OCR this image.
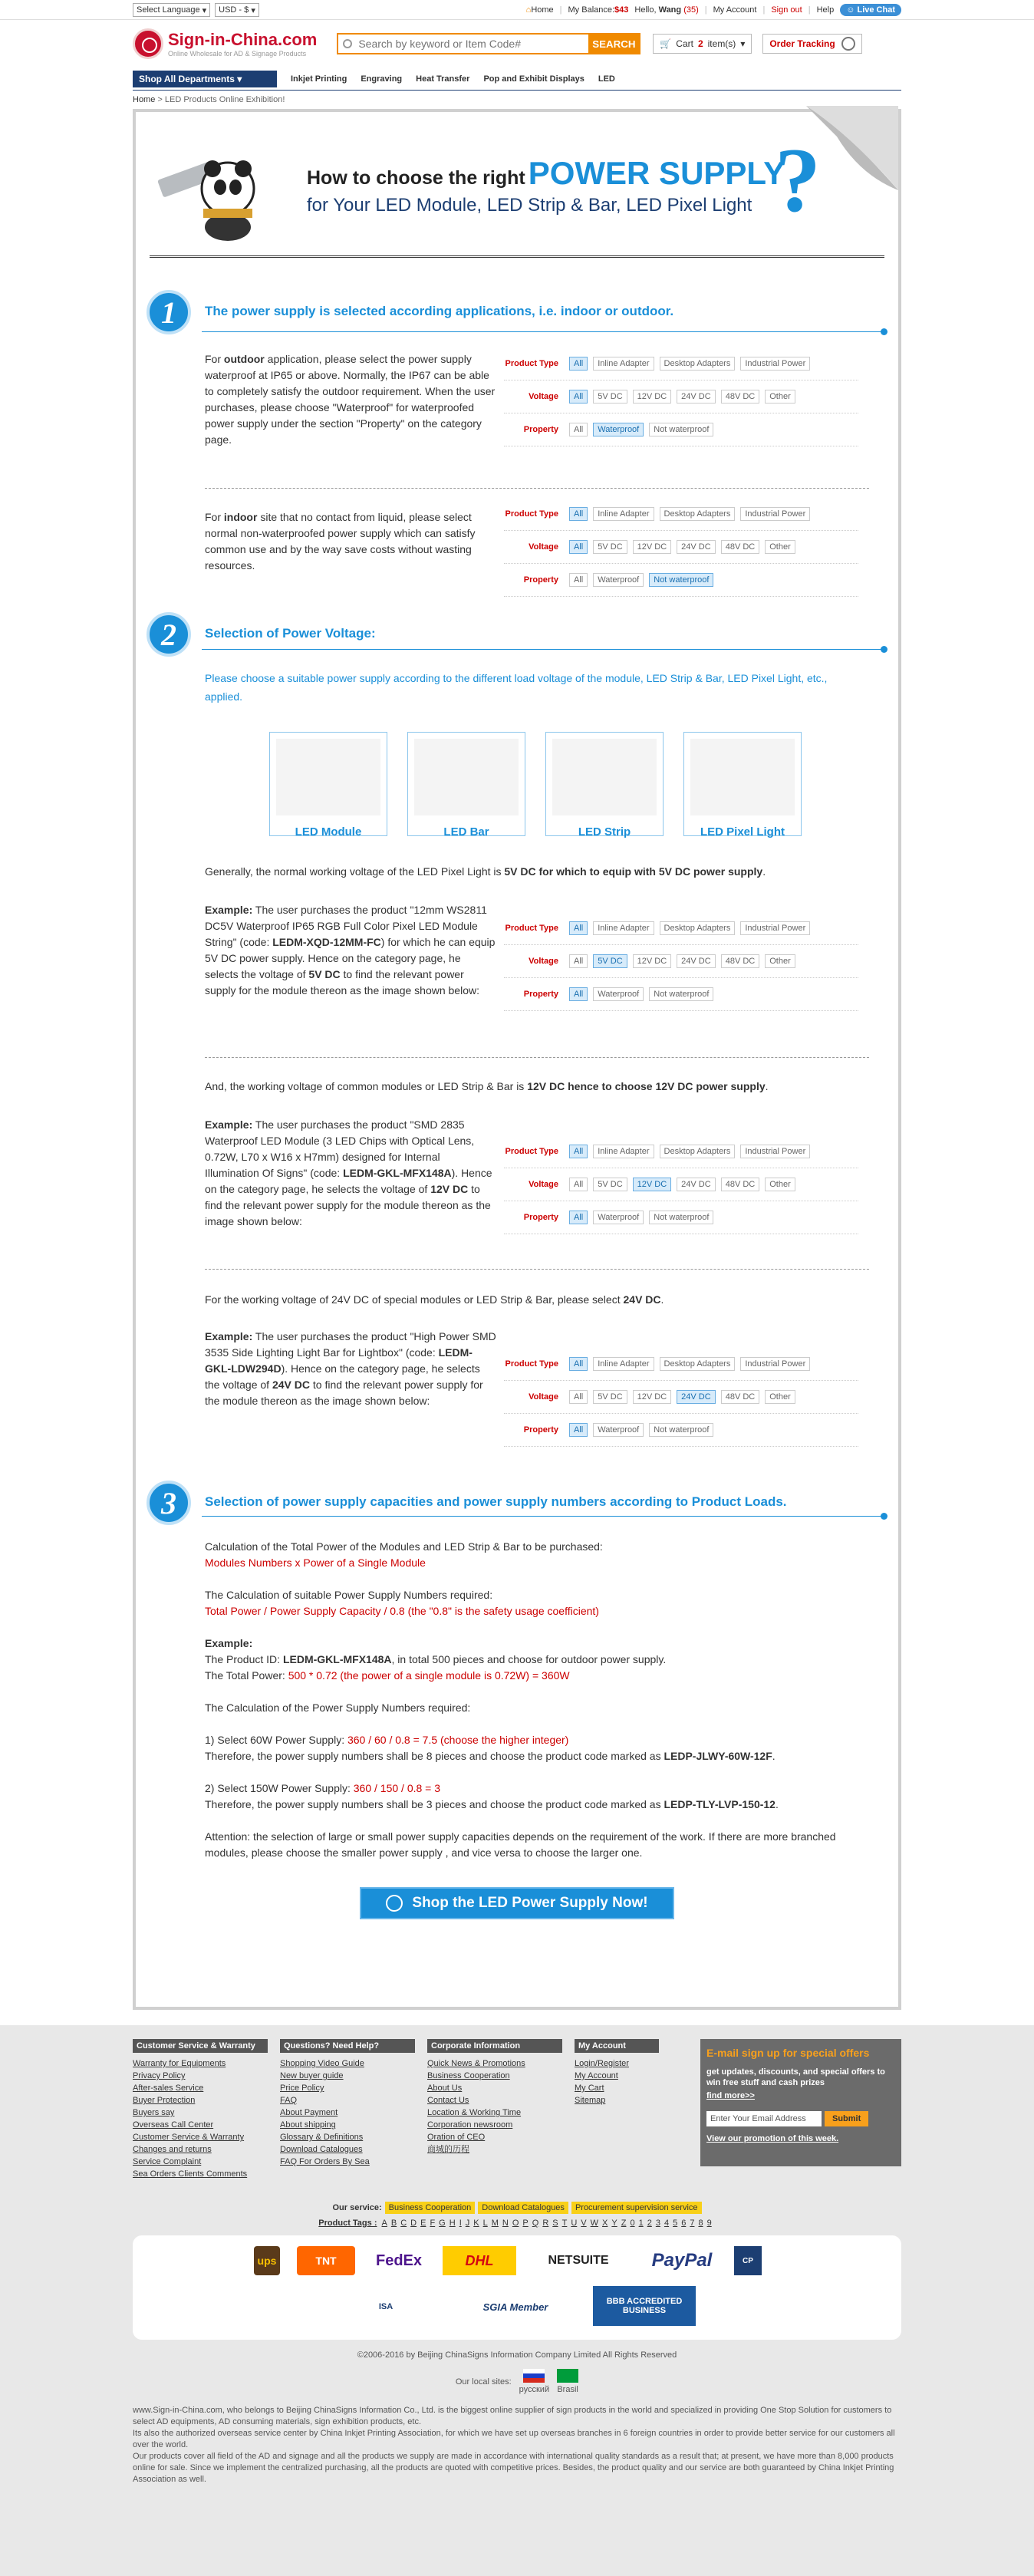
Select Language ▾	USD - $ ▾	⌂Home | My Balance:$43 Hello, Wang (35) | My Account | Sign out | Help	☺ Live Chat
Sign-in-China.com
Online Wholesale for AD & Signage Products
Search by keyword or Item Code#
SEARCH	🛒 Cart 2 item(s) ▾	Order Tracking
Shop All Departments
▾	Inkjet Printing Engraving Heat Transfer Pop and Exhibit Displays LED
Home > LED Products Online Exhibition!
How to choose the rightPOWER SUPPLY
for Your LED Module, LED Strip & Bar, LED Pixel Light ?
1	The power supply is selected according applications, i.e. indoor or outdoor.
For outdoor application, please select the power supply waterproof at IP65 or above. Normally, the IP67 can be able to completely satisfy the outdoor requirement. When the user purchases, please choose "Waterproof" for waterproofed power supply under the section "Property" on the category page.
Product Type	All	Inline Adapter	Desktop Adapters	Industrial Power
Voltage	All	5V DC	12V DC	24V DC	48V DC	Other
Property	All	Waterproof	Not waterproof
For indoor site that no contact from liquid, please select normal non-waterproofed power supply which can satisfy common use and by the way save costs without wasting resources.
Product Type	All	Inline Adapter	Desktop Adapters	Industrial Power
Voltage	All	5V DC	12V DC	24V DC	48V DC	Other
Property	All	Waterproof	Not waterproof
2	Selection of Power Voltage:
Please choose a suitable power supply according to the different load voltage of the module, LED Strip & Bar, LED Pixel Light, etc., applied.
LED Module	LED Bar	LED Strip	LED Pixel Light
Generally, the normal working voltage of the LED Pixel Light is 5V DC for which to equip with 5V DC power supply.
Example: The user purchases the product "12mm WS2811 DC5V Waterproof IP65 RGB Full Color Pixel LED Module String" (code: LEDM-XQD-12MM-FC) for which he can equip 5V DC power supply. Hence on the category page, he selects the voltage of 5V DC to find the relevant power supply for the module thereon as the image shown below:
Product Type	All	Inline Adapter	Desktop Adapters	Industrial Power
Voltage	All	5V DC	12V DC	24V DC	48V DC	Other
Property	All	Waterproof	Not waterproof
And, the working voltage of common modules or LED Strip & Bar is 12V DC hence to choose 12V DC power supply.
Example: The user purchases the product "SMD 2835 Waterproof LED Module (3 LED Chips with Optical Lens, 0.72W, L70 x W16 x H7mm) designed for Internal Illumination Of Signs" (code: LEDM-GKL-MFX148A). Hence on the category page, he selects the voltage of 12V DC to find the relevant power supply for the module thereon as the image shown below:
Product Type	All	Inline Adapter	Desktop Adapters	Industrial Power
Voltage	All	5V DC	12V DC	24V DC	48V DC	Other
Property	All	Waterproof	Not waterproof
For the working voltage of 24V DC of special modules or LED Strip & Bar, please select 24V DC.
Example: The user purchases the product "High Power SMD 3535 Side Lighting Light Bar for Lightbox" (code: LEDM-GKL-LDW294D). Hence on the category page, he selects the voltage of 24V DC to find the relevant power supply for the module thereon as the image shown below:
Product Type	All	Inline Adapter	Desktop Adapters	Industrial Power
Voltage	All	5V DC	12V DC	24V DC	48V DC	Other
Property	All	Waterproof	Not waterproof
3	Selection of power supply capacities and power supply numbers according to Product Loads.
Calculation of the Total Power of the Modules and LED Strip & Bar to be purchased:
Modules Numbers x Power of a Single Module
The Calculation of suitable Power Supply Numbers required:
Total Power / Power Supply Capacity / 0.8 (the "0.8" is the safety usage coefficient)
Example:
The Product ID: LEDM-GKL-MFX148A, in total 500 pieces and choose for outdoor power supply.
The Total Power: 500 * 0.72 (the power of a single module is 0.72W) = 360W
The Calculation of the Power Supply Numbers required:
1) Select 60W Power Supply: 360 / 60 / 0.8 = 7.5 (choose the higher integer)
Therefore, the power supply numbers shall be 8 pieces and choose the product code marked as LEDP-JLWY-60W-12F.
2) Select 150W Power Supply: 360 / 150 / 0.8 = 3
Therefore, the power supply numbers shall be 3 pieces and choose the product code marked as LEDP-TLY-LVP-150-12.
Attention: the selection of large or small power supply capacities depends on the requirement of the work. If there are more branched modules, please choose the smaller power supply , and vice versa to choose the larger one.
Shop the LED Power Supply Now!
Customer Service & Warranty
Warranty for Equipments
Privacy Policy
After-sales Service
Buyer Protection
Buyers say
Overseas Call Center
Customer Service & Warranty
Changes and returns
Service Complaint
Sea Orders Clients Comments
Questions? Need Help?
Shopping Video Guide
New buyer guide
Price Policy
FAQ
About Payment
About shipping
Glossary & Definitions
Download Catalogues
FAQ For Orders By Sea
Corporate Information
Quick News & Promotions
Business Cooperation
About Us
Contact Us
Location & Working Time
Corporation newsroom
Oration of CEO
商城的历程
My Account
Login/Register
My Account
My Cart
Sitemap
E-mail sign up for special offers

get updates, discounts, and special offers to win free stuff and cash prizes

find more>>
Enter Your Email Address	Submit
View our promotion of this week.
Our service: Business Cooperation Download Catalogues Procurement supervision service
Product Tags : A B C D E F G H I J K L M N O P Q R S T U V W X Y Z 0 1 2 3 4 5 6 7 8 9
ups	TNT	FedEx	DHL	NETSUITE	PayPal	CP
ISA	SGIA Member	BBB ACCREDITED BUSINESS
©2006-2016 by Beijing ChinaSigns Information Company Limited All Rights Reserved
Our local sites:

русский Brasil
www.Sign-in-China.com, who belongs to Beijing ChinaSigns Information Co., Ltd. is the biggest online supplier of sign products in the world and specialized in providing One Stop Solution for customers to select AD equipments, AD consuming materials, sign exhibition products, etc.
Its also the authorized overseas service center by China Inkjet Printing Association, for which we have set up overseas branches in 6 foreign countries in order to provide better service for our customers all over the world.
Our products cover all field of the AD and signage and all the products we supply are made in accordance with international quality standards as a result that; at present, we have more than 8,000 products online for sale. Since we implement the centralized purchasing, all the products are quoted with competitive prices. Besides, the product quality and our service are both guaranteed by China Inkjet Printing Association as well.
